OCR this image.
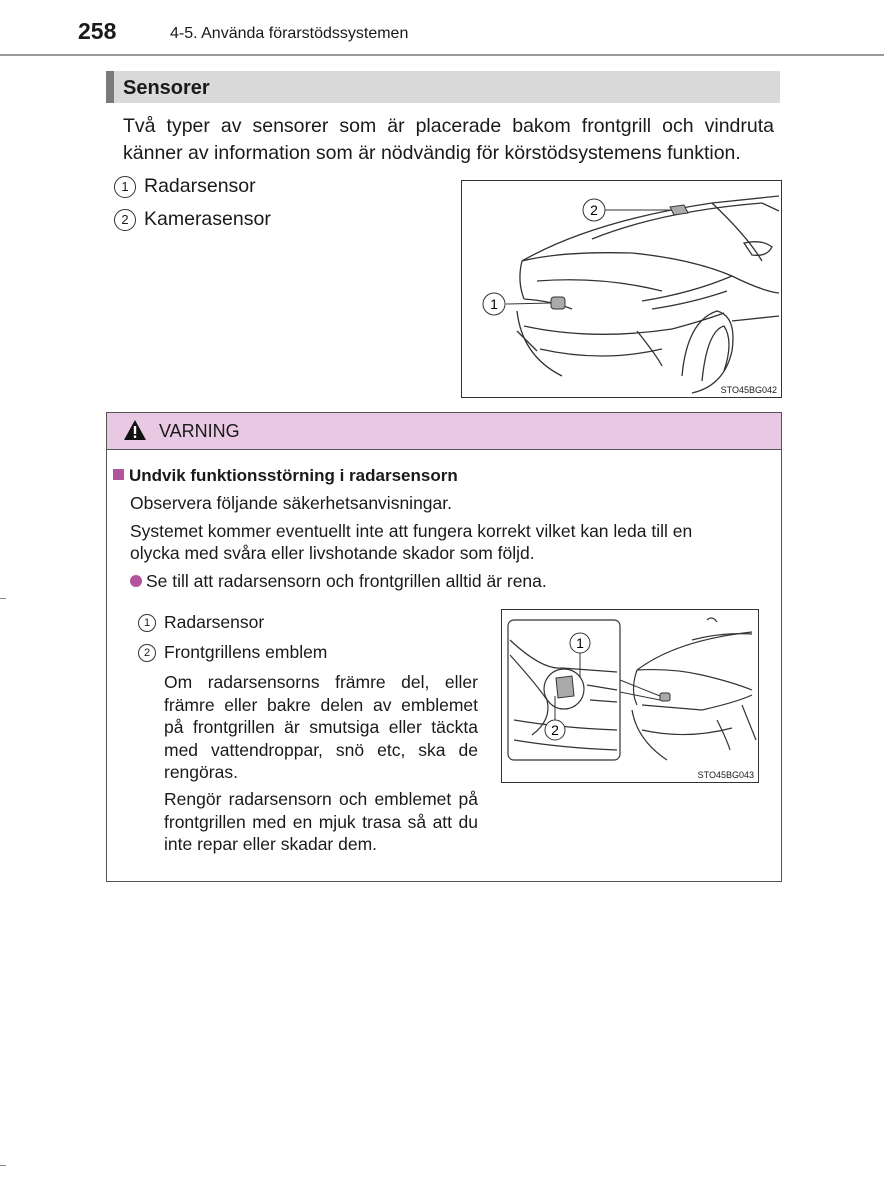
258	4-5. Använda förarstödssystemen
Sensorer
Två typer av sensorer som är placerade bakom frontgrill och vindruta känner av information som är nödvändig för körstödsystemens funktion.
1 Radarsensor
2 Kamerasensor
1
2
STO45BG042
VARNING
Undvik funktionsstörning i radarsensorn
Observera följande säkerhetsanvisningar.
Systemet kommer eventuellt inte att fungera korrekt vilket kan leda till en
olycka med svåra eller livshotande skador som följd.
Se till att radarsensorn och frontgrillen alltid är rena.
1 Radarsensor
2 Frontgrillens emblem
Om radarsensorns främre del, eller främre eller bakre delen av emblemet på frontgrillen är smutsiga eller täckta med vattendroppar, snö etc, ska de rengöras.
Rengör radarsensorn och emblemet på frontgrillen med en mjuk trasa så att du inte repar eller skadar dem.
1
2
STO45BG043
